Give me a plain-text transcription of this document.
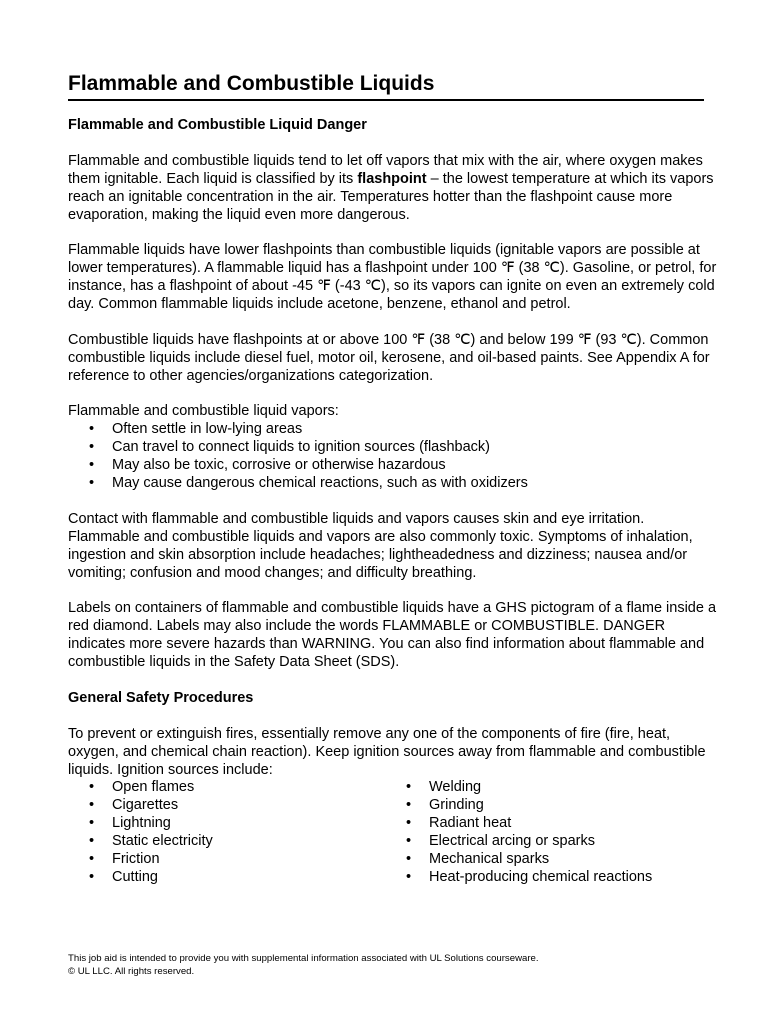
Flammable and Combustible Liquids
Flammable and Combustible Liquid Danger

Flammable and combustible liquids tend to let off vapors that mix with the air, where oxygen makes them ignitable. Each liquid is classified by its flashpoint – the lowest temperature at which its vapors reach an ignitable concentration in the air. Temperatures hotter than the flashpoint cause more evaporation, making the liquid even more dangerous.

Flammable liquids have lower flashpoints than combustible liquids (ignitable vapors are possible at lower temperatures). A flammable liquid has a flashpoint under 100 ℉ (38 ℃). Gasoline, or petrol, for instance, has a flashpoint of about -45 ℉ (-43 ℃), so its vapors can ignite on even an extremely cold day. Common flammable liquids include acetone, benzene, ethanol and petrol.

Combustible liquids have flashpoints at or above 100 ℉ (38 ℃) and below 199 ℉ (93 ℃). Common combustible liquids include diesel fuel, motor oil, kerosene, and oil-based paints. See Appendix A for reference to other agencies/organizations categorization.

Flammable and combustible liquid vapors:
• Often settle in low-lying areas
• Can travel to connect liquids to ignition sources (flashback)
• May also be toxic, corrosive or otherwise hazardous
• May cause dangerous chemical reactions, such as with oxidizers

Contact with flammable and combustible liquids and vapors causes skin and eye irritation. Flammable and combustible liquids and vapors are also commonly toxic. Symptoms of inhalation, ingestion and skin absorption include headaches; lightheadedness and dizziness; nausea and/or vomiting; confusion and mood changes; and difficulty breathing.

Labels on containers of flammable and combustible liquids have a GHS pictogram of a flame inside a red diamond. Labels may also include the words FLAMMABLE or COMBUSTIBLE. DANGER indicates more severe hazards than WARNING. You can also find information about flammable and combustible liquids in the Safety Data Sheet (SDS).

General Safety Procedures
To prevent or extinguish fires, essentially remove any one of the components of fire (fire, heat, oxygen, and chemical chain reaction). Keep ignition sources away from flammable and combustible liquids. Ignition sources include:
• Open flames
• Cigarettes
• Lightning
• Static electricity
• Friction
• Cutting
• Welding
• Grinding
• Radiant heat
• Electrical arcing or sparks
• Mechanical sparks
• Heat-producing chemical reactions
This job aid is intended to provide you with supplemental information associated with UL Solutions courseware.
© UL LLC. All rights reserved.
